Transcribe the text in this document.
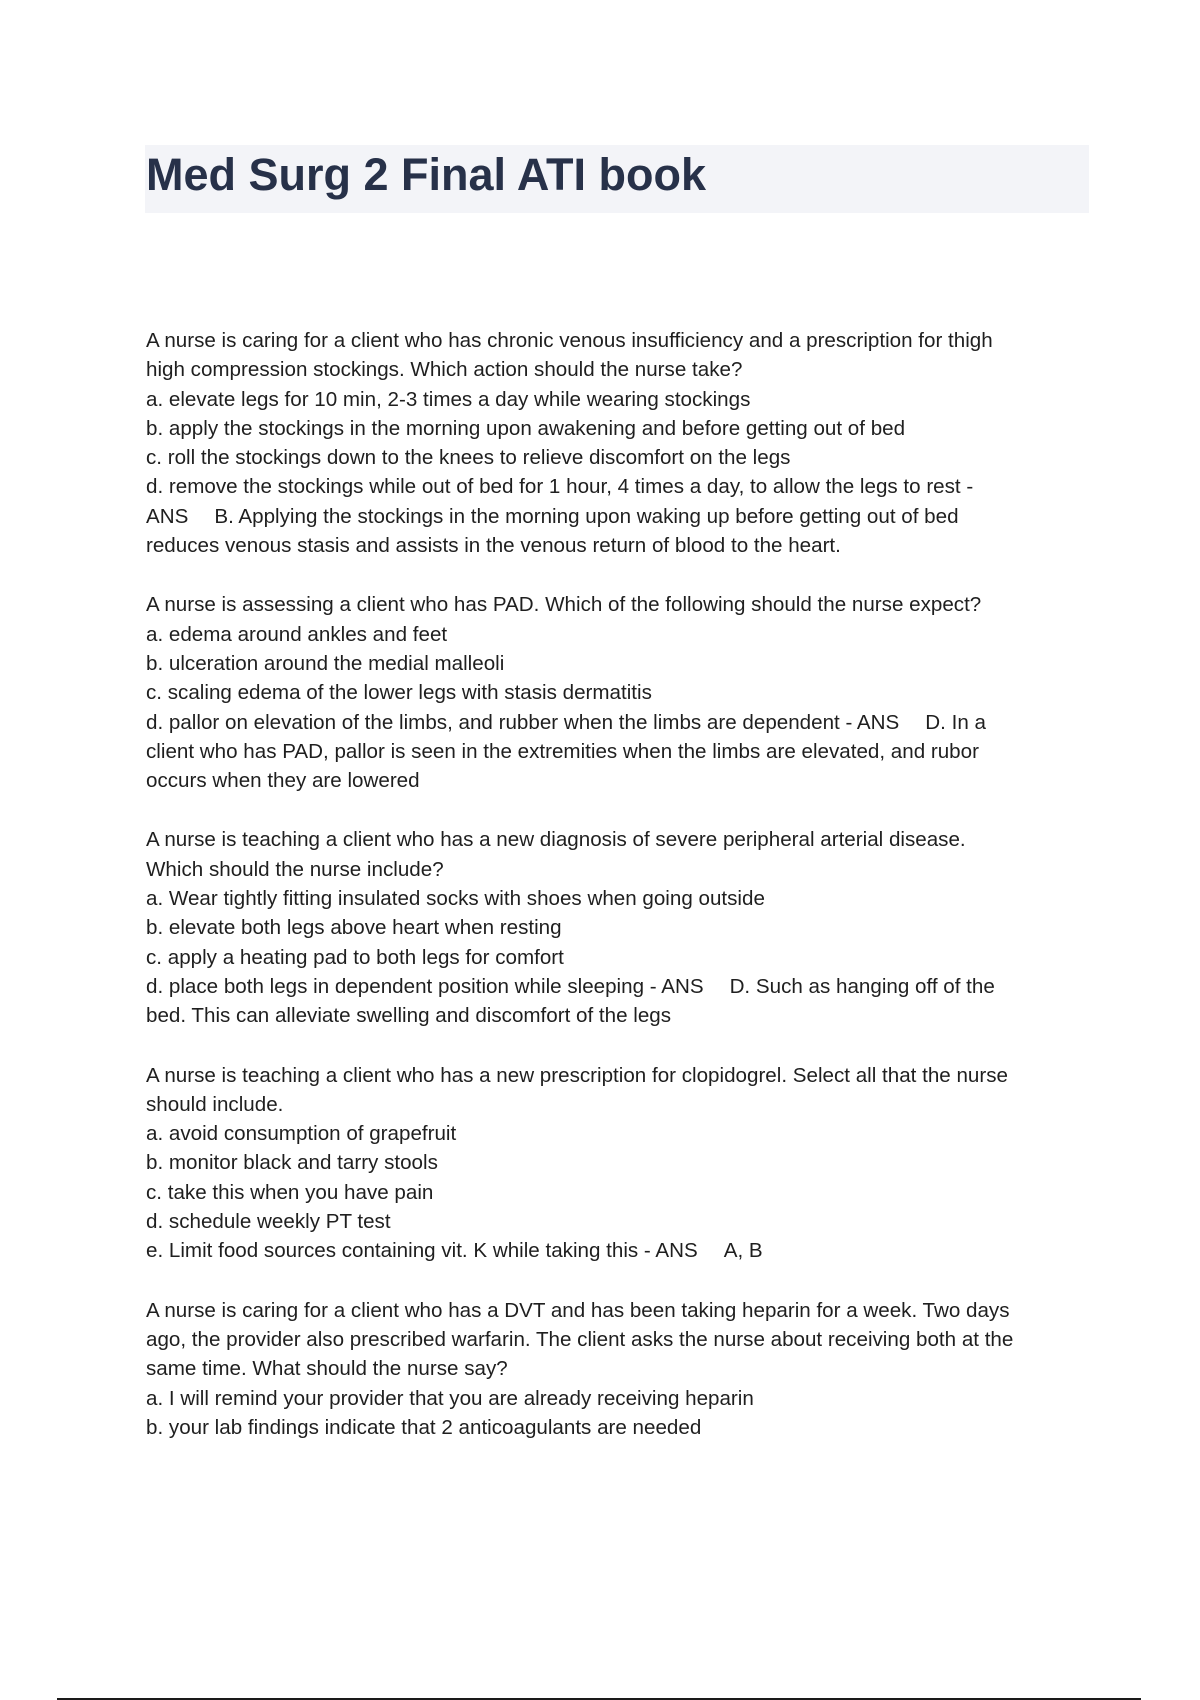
Med Surg 2 Final ATI book
A nurse is caring for a client who has chronic venous insufficiency and a prescription for thigh
high compression stockings. Which action should the nurse take?
a. elevate legs for 10 min, 2-3 times a day while wearing stockings
b. apply the stockings in the morning upon awakening and before getting out of bed
c. roll the stockings down to the knees to relieve discomfort on the legs
d. remove the stockings while out of bed for 1 hour, 4 times a day, to allow the legs to rest -
ANS B. Applying the stockings in the morning upon waking up before getting out of bed
reduces venous stasis and assists in the venous return of blood to the heart.
A nurse is assessing a client who has PAD. Which of the following should the nurse expect?
a. edema around ankles and feet
b. ulceration around the medial malleoli
c. scaling edema of the lower legs with stasis dermatitis
d. pallor on elevation of the limbs, and rubber when the limbs are dependent - ANS D. In a
client who has PAD, pallor is seen in the extremities when the limbs are elevated, and rubor
occurs when they are lowered
A nurse is teaching a client who has a new diagnosis of severe peripheral arterial disease.
Which should the nurse include?
a. Wear tightly fitting insulated socks with shoes when going outside
b. elevate both legs above heart when resting
c. apply a heating pad to both legs for comfort
d. place both legs in dependent position while sleeping - ANS D. Such as hanging off of the
bed. This can alleviate swelling and discomfort of the legs
A nurse is teaching a client who has a new prescription for clopidogrel. Select all that the nurse
should include.
a. avoid consumption of grapefruit
b. monitor black and tarry stools
c. take this when you have pain
d. schedule weekly PT test
e. Limit food sources containing vit. K while taking this - ANS A, B
A nurse is caring for a client who has a DVT and has been taking heparin for a week. Two days
ago, the provider also prescribed warfarin. The client asks the nurse about receiving both at the
same time. What should the nurse say?
a. I will remind your provider that you are already receiving heparin
b. your lab findings indicate that 2 anticoagulants are needed
